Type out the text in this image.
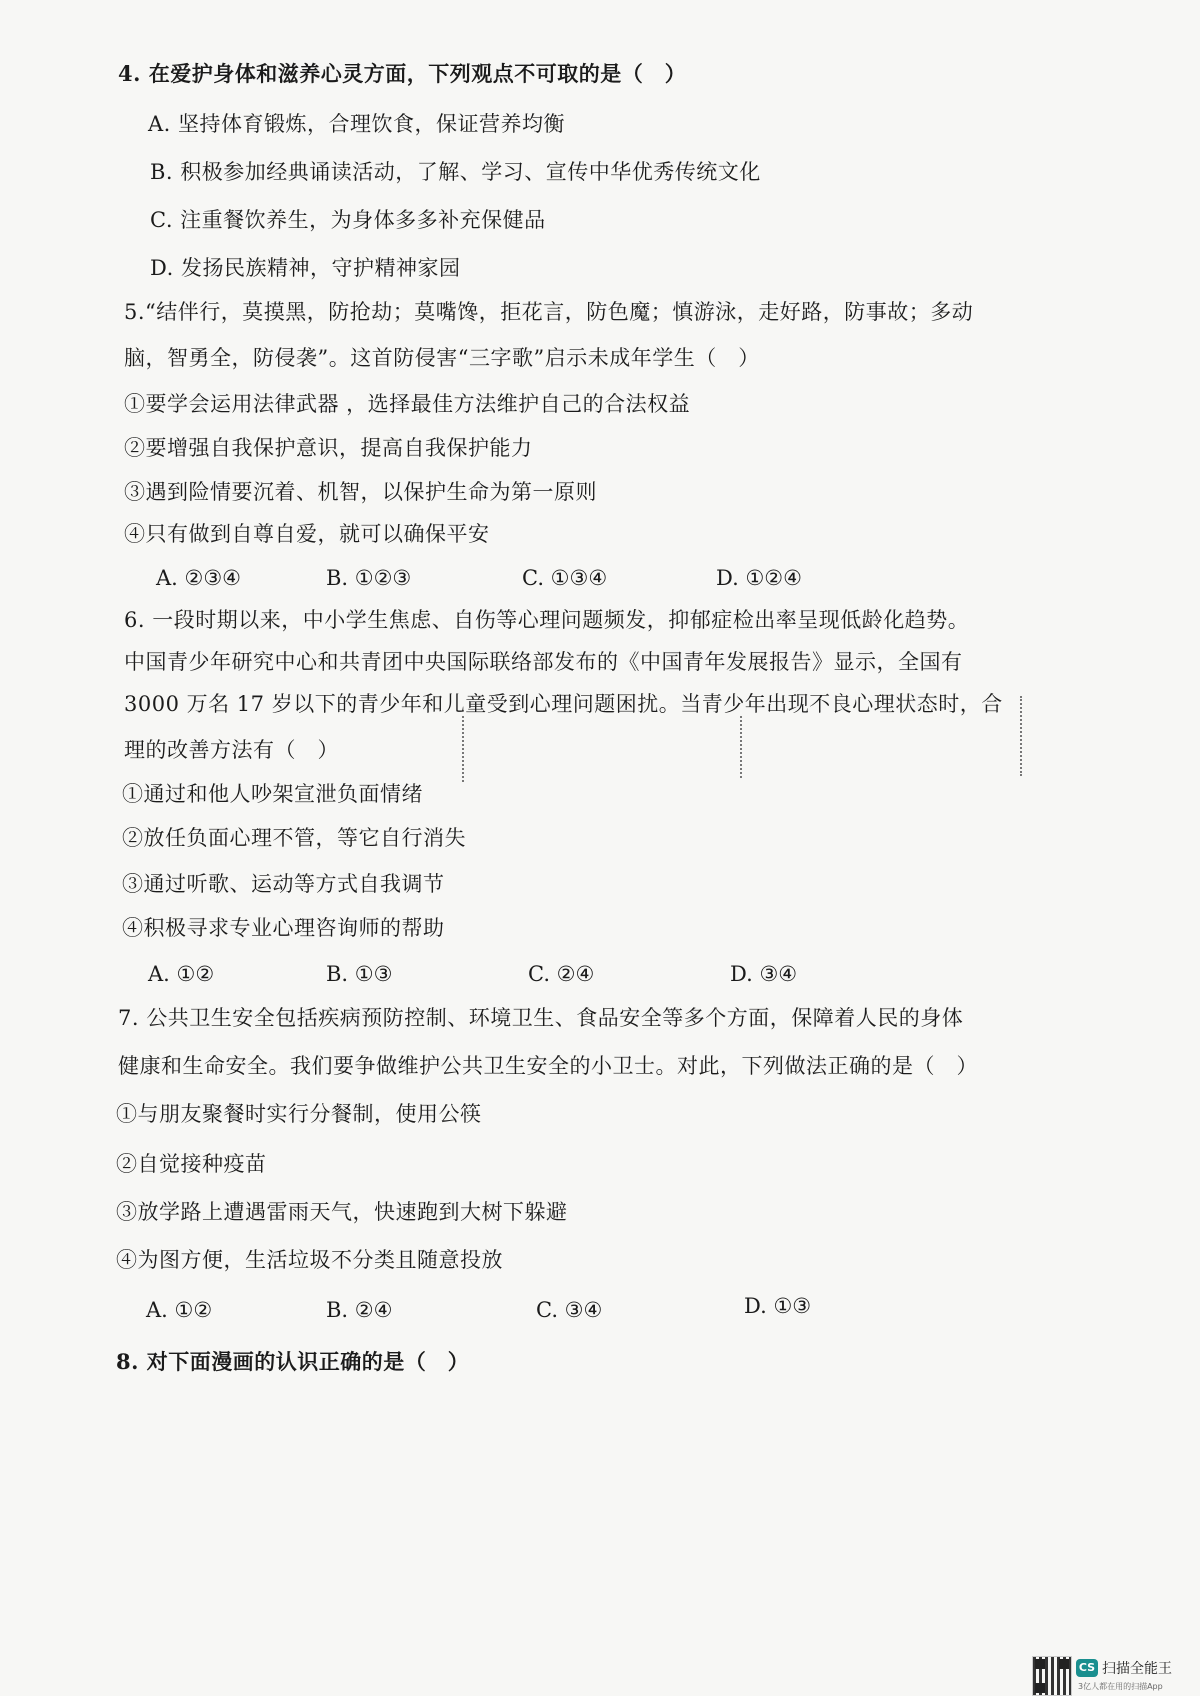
4. 在爱护身体和滋养心灵方面，下列观点不可取的是（　）
A. 坚持体育锻炼，合理饮食，保证营养均衡
B. 积极参加经典诵读活动，了解、学习、宣传中华优秀传统文化
C. 注重餐饮养生，为身体多多补充保健品
D. 发扬民族精神，守护精神家园
5.“结伴行，莫摸黑，防抢劫；莫嘴馋，拒花言，防色魔；慎游泳，走好路，防事故；多动
脑，智勇全，防侵袭”。这首防侵害“三字歌”启示未成年学生（　）
①要学会运用法律武器 ，选择最佳方法维护自己的合法权益
②要增强自我保护意识，提高自我保护能力
③遇到险情要沉着、机智，以保护生命为第一原则
④只有做到自尊自爱，就可以确保平安
A. ②③④	B. ①②③	C. ①③④	D. ①②④
6. 一段时期以来，中小学生焦虑、自伤等心理问题频发，抑郁症检出率呈现低龄化趋势。
中国青少年研究中心和共青团中央国际联络部发布的《中国青年发展报告》显示，全国有
3000 万名 17 岁以下的青少年和儿童受到心理问题困扰。当青少年出现不良心理状态时，合
理的改善方法有（　）
①通过和他人吵架宣泄负面情绪
②放任负面心理不管，等它自行消失
③通过听歌、运动等方式自我调节
④积极寻求专业心理咨询师的帮助
A. ①②	B. ①③	C. ②④	D. ③④
7. 公共卫生安全包括疾病预防控制、环境卫生、食品安全等多个方面，保障着人民的身体
健康和生命安全。我们要争做维护公共卫生安全的小卫士。对此，下列做法正确的是（　）
①与朋友聚餐时实行分餐制，使用公筷
②自觉接种疫苗
③放学路上遭遇雷雨天气，快速跑到大树下躲避
④为图方便，生活垃圾不分类且随意投放
A. ①②	B. ②④	C. ③④	D. ①③
8. 对下面漫画的认识正确的是（　）
CS 扫描全能王
3亿人都在用的扫描App
